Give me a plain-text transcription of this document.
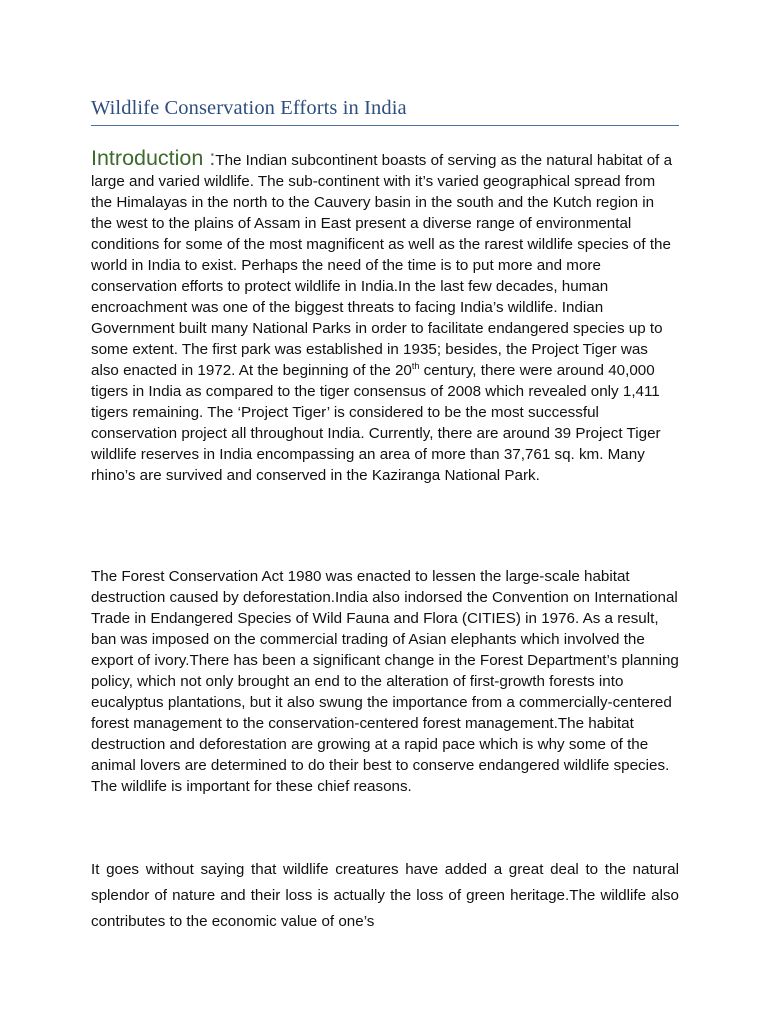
Wildlife Conservation Efforts in India

Introduction :The Indian subcontinent boasts of serving as the natural habitat of a large and varied wildlife. The sub-continent with it’s varied geographical spread from the Himalayas in the north to the Cauvery basin in the south and the Kutch region in the west to the plains of Assam in East present a diverse range of environmental conditions for some of the most magnificent as well as the rarest wildlife species of the world in India to exist. Perhaps the need of the time is to put more and more conservation efforts to protect wildlife in India.In the last few decades, human encroachment was one of the biggest threats to facing India’s wildlife. Indian Government built many National Parks in order to facilitate endangered species up to some extent. The first park was established in 1935; besides, the Project Tiger was also enacted in 1972. At the beginning of the 20th century, there were around 40,000 tigers in India as compared to the tiger consensus of 2008 which revealed only 1,411 tigers remaining. The ‘Project Tiger’ is considered to be the most successful conservation project all throughout India. Currently, there are around 39 Project Tiger wildlife reserves in India encompassing an area of more than 37,761 sq. km. Many rhino’s are survived and conserved in the Kaziranga National Park.

The Forest Conservation Act 1980 was enacted to lessen the large-scale habitat destruction caused by deforestation.India also indorsed the Convention on International Trade in Endangered Species of Wild Fauna and Flora (CITIES) in 1976. As a result, ban was imposed on the commercial trading of Asian elephants which involved the export of ivory.There has been a significant change in the Forest Department’s planning policy, which not only brought an end to the alteration of first-growth forests into eucalyptus plantations, but it also swung the importance from a commercially-centered forest management to the conservation-centered forest management.The habitat destruction and deforestation are growing at a rapid pace which is why some of the animal lovers are determined to do their best to conserve endangered wildlife species. The wildlife is important for these chief reasons.

It goes without saying that wildlife creatures have added a great deal to the natural splendor of nature and their loss is actually the loss of green heritage.The wildlife also contributes to the economic value of one’s
